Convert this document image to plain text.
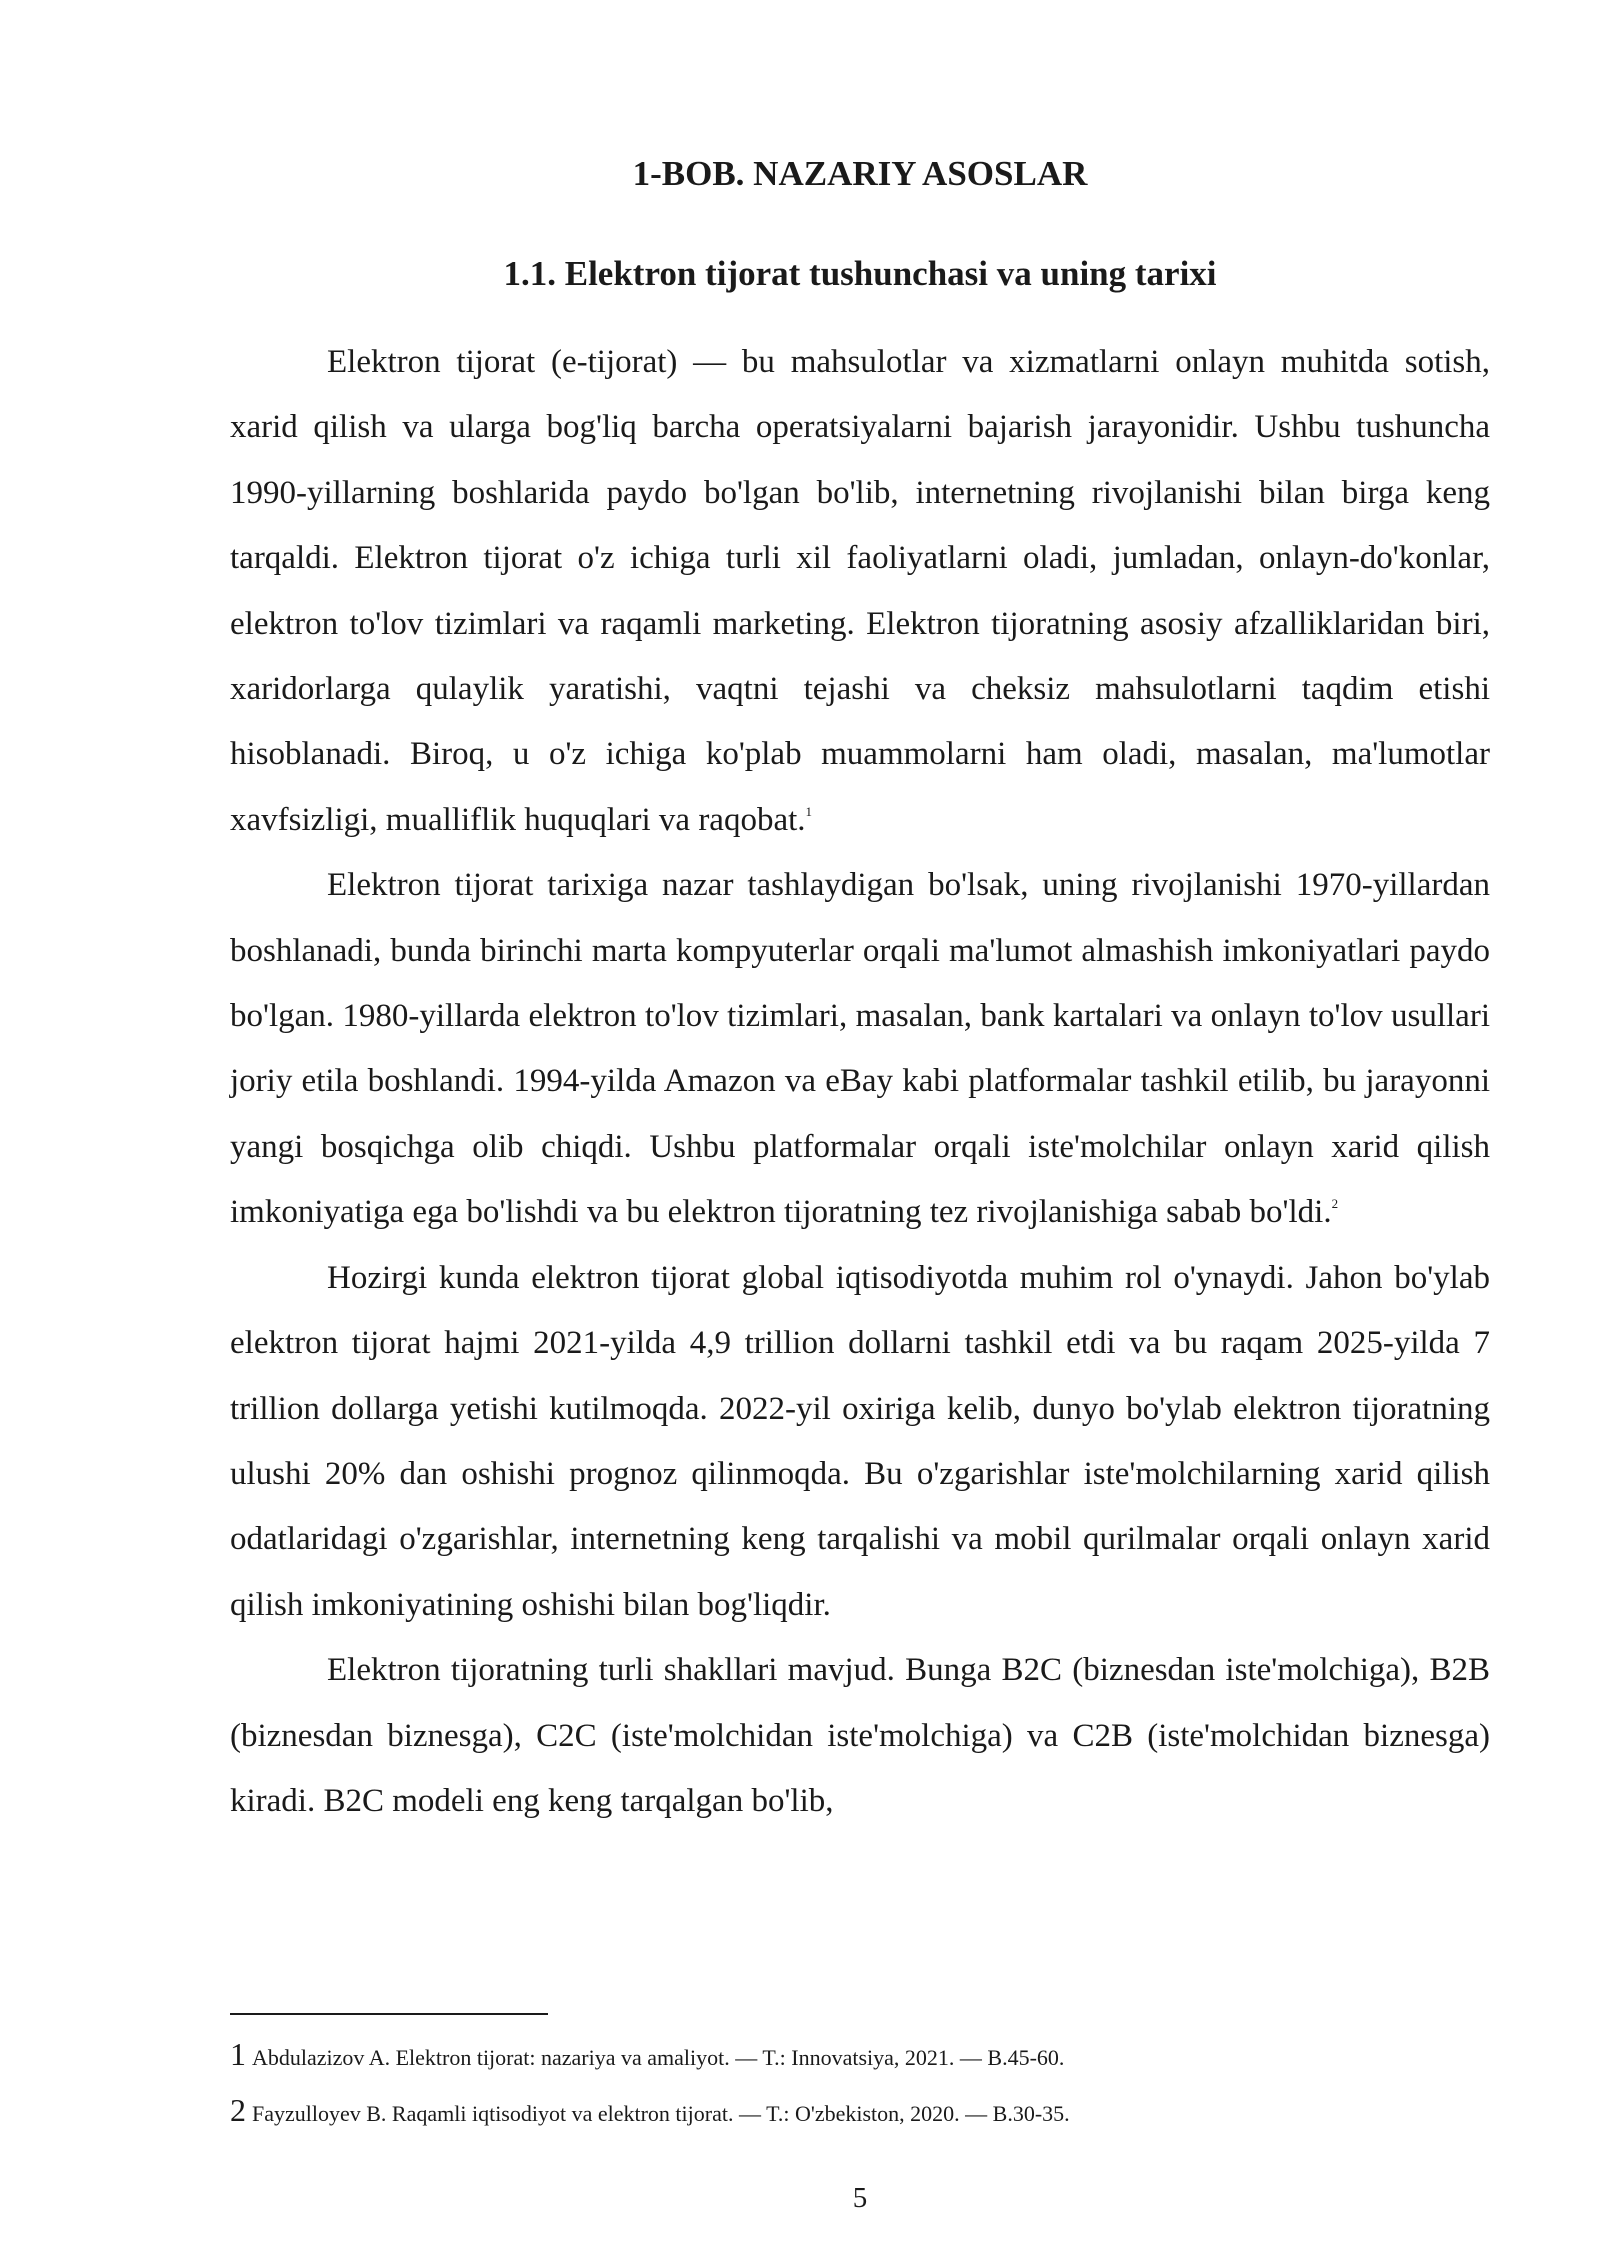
1-BOB. NAZARIY ASOSLAR
1.1. Elektron tijorat tushunchasi va uning tarixi

Elektron tijorat (e-tijorat) — bu mahsulotlar va xizmatlarni onlayn muhitda sotish, xarid qilish va ularga bog'liq barcha operatsiyalarni bajarish jarayonidir. Ushbu tushuncha 1990-yillarning boshlarida paydo bo'lgan bo'lib, internetning rivojlanishi bilan birga keng tarqaldi. Elektron tijorat o'z ichiga turli xil faoliyatlarni oladi, jumladan, onlayn-do'konlar, elektron to'lov tizimlari va raqamli marketing. Elektron tijoratning asosiy afzalliklaridan biri, xaridorlarga qulaylik yaratishi, vaqtni tejashi va cheksiz mahsulotlarni taqdim etishi hisoblanadi. Biroq, u o'z ichiga ko'plab muammolarni ham oladi, masalan, ma'lumotlar xavfsizligi, mualliflik huquqlari va raqobat.$^1$

Elektron tijorat tarixiga nazar tashlaydigan bo'lsak, uning rivojlanishi 1970-yillardan boshlanadi, bunda birinchi marta kompyuterlar orqali ma'lumot almashish imkoniyatlari paydo bo'lgan. 1980-yillarda elektron to'lov tizimlari, masalan, bank kartalari va onlayn to'lov usullari joriy etila boshlandi. 1994-yilda Amazon va eBay kabi platformalar tashkil etilib, bu jarayonni yangi bosqichga olib chiqdi. Ushbu platformalar orqali iste'molchilar onlayn xarid qilish imkoniyatiga ega bo'lishdi va bu elektron tijoratning tez rivojlanishiga sabab bo'ldi.$^2$

Hozirgi kunda elektron tijorat global iqtisodiyotda muhim rol o'ynaydi. Jahon bo'ylab elektron tijorat hajmi 2021-yilda 4,9 trillion dollarni tashkil etdi va bu raqam 2025-yilda 7 trillion dollarga yetishi kutilmoqda. 2022-yil oxiriga kelib, dunyo bo'ylab elektron tijoratning ulushi 20% dan oshishi prognoz qilinmoqda. Bu o'zgarishlar iste'molchilarning xarid qilish odatlaridagi o'zgarishlar, internetning keng tarqalishi va mobil qurilmalar orqali onlayn xarid qilish imkoniyatining oshishi bilan bog'liqdir.

Elektron tijoratning turli shakllari mavjud. Bunga B2C (biznesdan iste'molchiga), B2B (biznesdan biznesga), C2C (iste'molchidan iste'molchiga) va C2B (iste'molchidan biznesga) kiradi. B2C modeli eng keng tarqalgan bo'lib,

1 Abdulazizov A. Elektron tijorat: nazariya va amaliyot. — T.: Innovatsiya, 2021. — B.45-60.

2 Fayzulloyev B. Raqamli iqtisodiyot va elektron tijorat. — T.: O'zbekiston, 2020. — B.30-35.

5
